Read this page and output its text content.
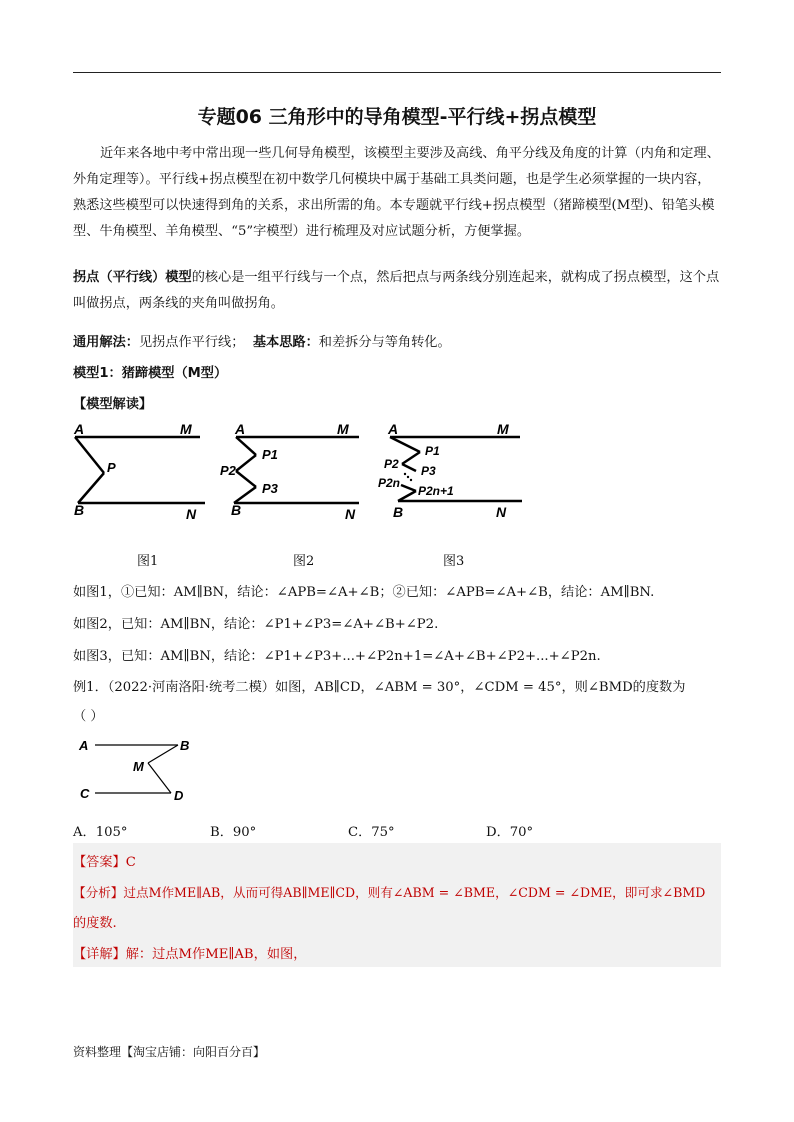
专题06 三角形中的导角模型-平行线+拐点模型
近年来各地中考中常出现一些几何导角模型，该模型主要涉及高线、角平分线及角度的计算（内角和定理、外角定理等）。平行线+拐点模型在初中数学几何模块中属于基础工具类问题，也是学生必须掌握的一块内容，熟悉这些模型可以快速得到角的关系，求出所需的角。本专题就平行线+拐点模型（猪蹄模型(M型)、铅笔头模型、牛角模型、羊角模型、“5”字模型）进行梳理及对应试题分析，方便掌握。
拐点（平行线）模型的核心是一组平行线与一个点，然后把点与两条线分别连起来，就构成了拐点模型，这个点叫做拐点，两条线的夹角叫做拐角。
通用解法：见拐点作平行线； 基本思路：和差拆分与等角转化。
模型1：猪蹄模型（M型）
【模型解读】
A	M
P
B	N
A	M
P1
P2
P3
B	N
A	M
P1
P2 P3
P2n
P2n+1
B	N
图1	图2	图3
如图1，①已知：AM∥BN，结论：∠APB=∠A+∠B；②已知：∠APB=∠A+∠B，结论：AM∥BN.
如图2，已知：AM∥BN，结论：∠P1+∠P3=∠A+∠B+∠P2.
如图3，已知：AM∥BN，结论：∠P1+∠P3+...+∠P2n+1=∠A+∠B+∠P2+...+∠P2n.
例1．（2022·河南洛阳·统考二模）如图，AB∥CD，∠ABM = 30°，∠CDM = 45°，则∠BMD的度数为
（ ）
A	B
M
C	D
A．105°	B．90°	C．75°	D．70°
【答案】C
【分析】过点M作ME∥AB，从而可得AB∥ME∥CD，则有∠ABM = ∠BME，∠CDM = ∠DME，即可求∠BMD
的度数.
【详解】解：过点M作ME∥AB，如图，
资料整理【淘宝店铺：向阳百分百】
